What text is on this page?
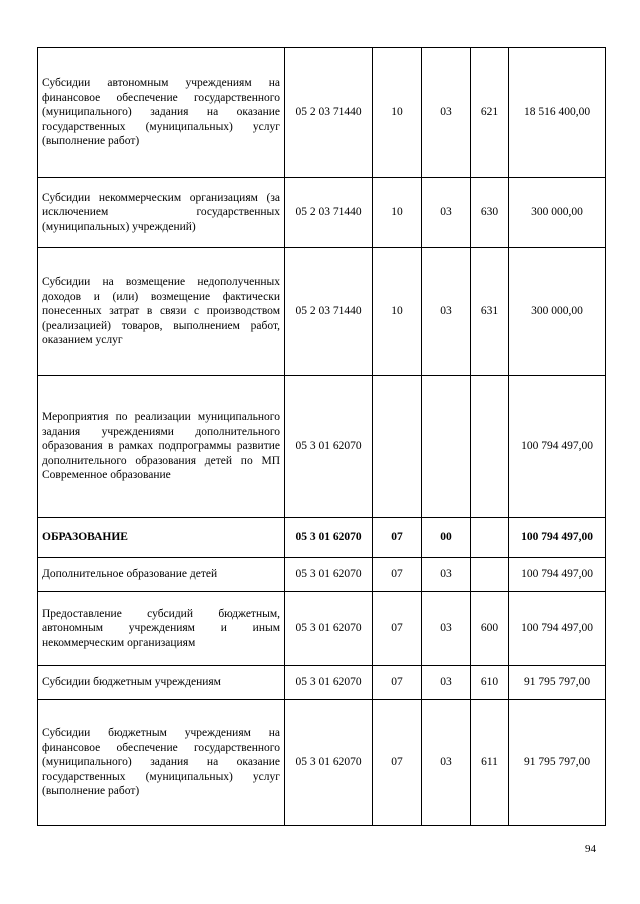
Субсидии автономным учреждениям на финансовое обеспечение государственного (муниципального) задания на оказание государственных (муниципальных) услуг (выполнение работ)	05 2 03 71440	10	03	621	18 516 400,00
Субсидии некоммерческим организациям (за исключением государственных (муниципальных) учреждений)	05 2 03 71440	10	03	630	300 000,00
Субсидии на возмещение недополученных доходов и (или) возмещение фактически понесенных затрат в связи с производством (реализацией) товаров, выполнением работ, оказанием услуг	05 2 03 71440	10	03	631	300 000,00
Мероприятия по реализации муниципального задания учреждениями дополнительного образования в рамках подпрограммы развитие дополнительного образования детей по МП Современное образование	05 3 01 62070				100 794 497,00
ОБРАЗОВАНИЕ	05 3 01 62070	07	00		100 794 497,00
Дополнительное образование детей	05 3 01 62070	07	03		100 794 497,00
Предоставление субсидий бюджетным, автономным учреждениям и иным некоммерческим организациям	05 3 01 62070	07	03	600	100 794 497,00
Субсидии бюджетным учреждениям	05 3 01 62070	07	03	610	91 795 797,00
Субсидии бюджетным учреждениям на финансовое обеспечение государственного (муниципального) задания на оказание государственных (муниципальных) услуг (выполнение работ)	05 3 01 62070	07	03	611	91 795 797,00
94
